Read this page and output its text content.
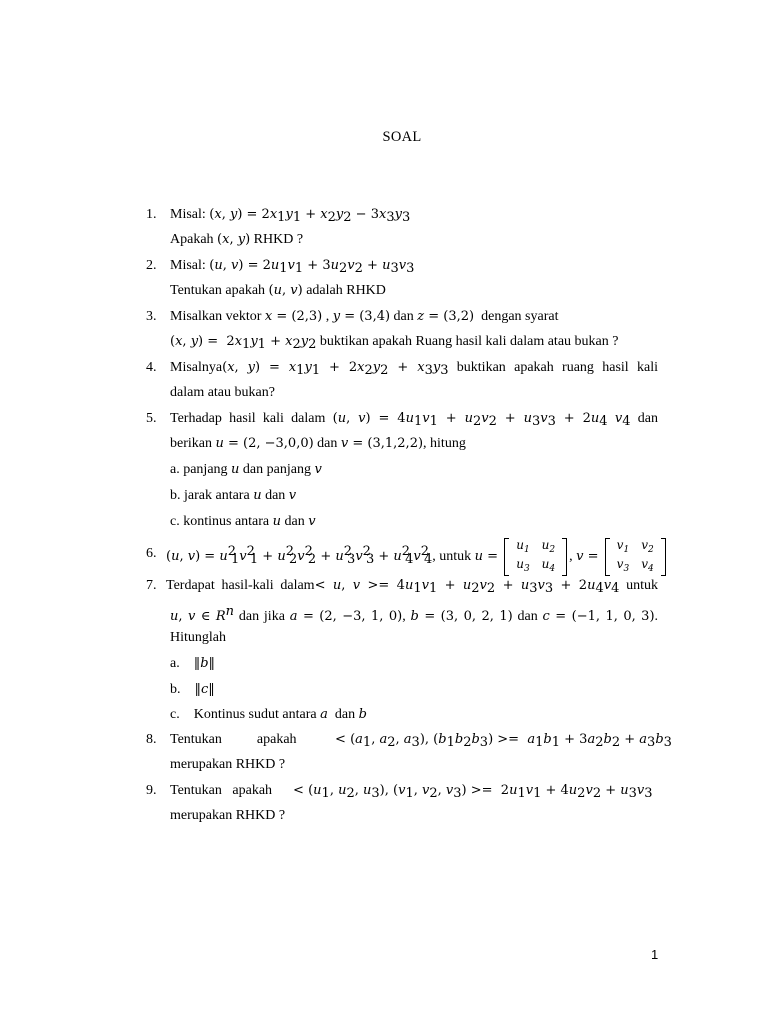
SOAL
1. Misal: (x, $y) = 2x_1y_1 + x_2y_2 - 3x_3y_3$
Apakah (x, y) RHKD ?
2. Misal: (u, $v) = 2u_1v_1 + 3u_2v_2 + u_3v_3$
Tentukan apakah (u, v) adalah RHKD
3. Misalkan vektor x = (2,3) , y = (3,4) dan z = (3,2)  dengan syarat
(x, $y) = 2x_1y_1 + x_2y_2$ buktikan apakah Ruang hasil kali dalam atau bukan ?
4. Misalnya(x, $y) = x_1y_1 + 2x_2y_2 + x_3y_3$ buktikan apakah ruang hasil kali
dalam atau bukan?
5. Terhadap hasil kali dalam (u, $v) = 4u_1v_1 + u_2v_2 + u_3v_3 + 2u_4$ $v_4$ dan
berikan u = (2, −3,0,0) dan v = (3,1,2,2), hitung
a. panjang u dan panjang v
b. jarak antara u dan v
c. kontinus antara u dan v
6. (u, $v) = u^2_1v^2_1 + u^2_2v^2_2 + u^2_3v^2_3 + u^2_4v^2_4$, untuk u =
$u_1$	$u_2$
$u_3$	$u_4$
, v =
$v_1$	$v_2$
$v_3$	$v_4$
7. Terdapat hasil-kali dalam< u, $v >= 4u_1v_1 + u_2v_2 + u_3v_3 + 2u_4v_4$ untuk
u, v ∈ $R^n$ dan jika a = (2, −3, 1, 0), b = (3, 0, 2, 1) dan c = (−1, 1, 0, 3).
Hitunglah
a. ‖b‖
b. ‖c‖
c.    Kontinus sudut antara a  dan b
8. Tentukan          apakah           < ($a_1$, $a_2$, $a_3$), $(b_1b_2b_3) >= a_1b_1 + 3a_2b_2 + a_3b_3$
merupakan RHKD ?
9. Tentukan   apakah      < ($u_1$, $u_2$, $u_3$), ($v_1$, $v_2$, $v_3) >= 2u_1v_1 + 4u_2v_2 + u_3v_3$
merupakan RHKD ?
1
